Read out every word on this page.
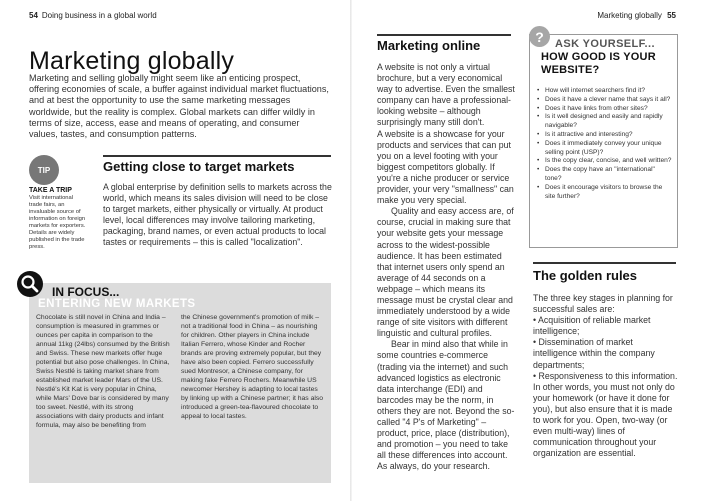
54 Doing business in a global world
Marketing globally

Marketing and selling globally might seem like an enticing prospect, offering economies of scale, a buffer against individual market fluctuations, and at best the opportunity to use the same marketing messages worldwide, but the reality is complex. Global markets can differ wildly in terms of size, access, ease and means of operating, and consumer values, tastes, and consumption patterns.

TIP
TAKE A TRIP

Visit international trade fairs, an invaluable source of information on foreign markets for exporters. Details are widely published in the trade press.

Getting close to target markets

A global enterprise by definition sells to markets across the world, which means its sales division will need to be close to target markets, either physically or virtually. At product level, local differences may involve tailoring marketing, packaging, brand names, or even actual products to local tastes or requirements – this is called "localization".

IN FOCUS...
ENTERING NEW MARKETS

Chocolate is still novel in China and India – consumption is measured in grammes or ounces per capita in comparison to the annual 11kg (24lbs) consumed by the British and Swiss. These new markets offer huge potential but also pose challenges. In China, Swiss Nestlé is taking market share from established market leader Mars of the US. Nestlé's Kit Kat is very popular in China, while Mars' Dove bar is considered by many too sweet. Nestlé, with its strong associations with dairy products and infant formula, may also be benefiting from

the Chinese government's promotion of milk – not a traditional food in China – as nourishing for children. Other players in China include Italian Ferrero, whose Kinder and Rocher brands are proving extremely popular, but they have also been copied. Ferrero successfully sued Montresor, a Chinese company, for making fake Ferrero Rochers. Meanwhile US newcomer Hershey is adapting to local tastes by linking up with a Chinese partner; it has also introduced a green-tea-flavoured chocolate to appeal to local tastes.

Marketing globally 55
Marketing online

A website is not only a virtual brochure, but a very economical way to advertise. Even the smallest company can have a professional-looking website – although surprisingly many still don't.

A website is a showcase for your products and services that can put you on a level footing with your biggest competitors globally. If you're a niche producer or service provider, your very "smallness" can make you very special.

Quality and easy access are, of course, crucial in making sure that your website gets your message across to the widest-possible audience. It has been estimated that internet users only spend an average of 44 seconds on a webpage – which means its message must be crystal clear and immediately understood by a wide range of site visitors with different linguistic and cultural profiles.

Bear in mind also that while in some countries e-commerce (trading via the internet) and such advanced logistics as electronic data interchange (EDI) and barcodes may be the norm, in others they are not. Beyond the so-called "4 P's of Marketing" – product, price, place (distribution), and promotion – you need to take all these differences into account. As always, do your research.

?	ASK YOURSELF...

HOW GOOD IS YOUR WEBSITE?

• How will internet searchers find it?
• Does it have a clever name that says it all?
• Does it have links from other sites?
• Is it well designed and easily and rapidly navigable?
• Is it attractive and interesting?
• Does it immediately convey your unique selling point (USP)?
• Is the copy clear, concise, and well written?
• Does the copy have an "international" tone?
• Does it encourage visitors to browse the site further?
The golden rules

The three key stages in planning for successful sales are:
• Acquisition of reliable market intelligence;
• Dissemination of market intelligence within the company departments;
• Responsiveness to this information.
In other words, you must not only do your homework (or have it done for you), but also ensure that it is made to work for you. Open, two-way (or even multi-way) lines of communication throughout your organization are essential.
